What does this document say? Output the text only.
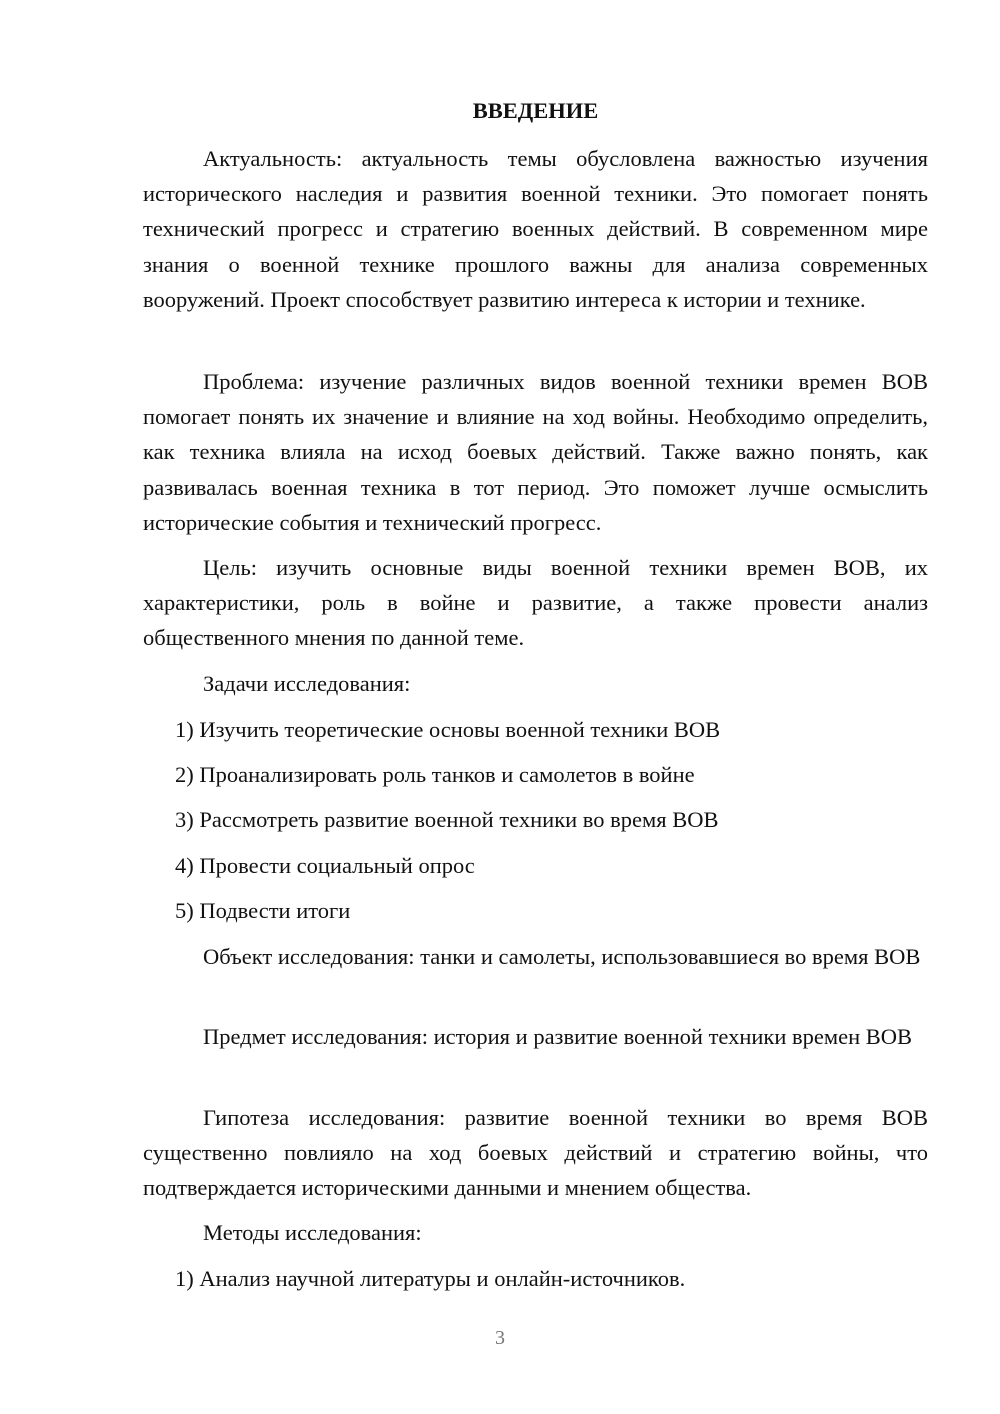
ВВЕДЕНИЕ

Актуальность: актуальность темы обусловлена важностью изучения исторического наследия и развития военной техники. Это помогает понять технический прогресс и стратегию военных действий. В современном мире знания о военной технике прошлого важны для анализа современных вооружений. Проект способствует развитию интереса к истории и технике.

Проблема: изучение различных видов военной техники времен ВОВ помогает понять их значение и влияние на ход войны. Необходимо определить, как техника влияла на исход боевых действий. Также важно понять, как развивалась военная техника в тот период. Это поможет лучше осмыслить исторические события и технический прогресс.

Цель: изучить основные виды военной техники времен ВОВ, их характеристики, роль в войне и развитие, а также провести анализ общественного мнения по данной теме.

Задачи исследования:

1) Изучить теоретические основы военной техники ВОВ
2) Проанализировать роль танков и самолетов в войне
3) Рассмотреть развитие военной техники во время ВОВ
4) Провести социальный опрос
5) Подвести итоги

Объект исследования: танки и самолеты, использовавшиеся во время ВОВ

Предмет исследования: история и развитие военной техники времен ВОВ

Гипотеза исследования: развитие военной техники во время ВОВ существенно повлияло на ход боевых действий и стратегию войны, что подтверждается историческими данными и мнением общества.

Методы исследования:

1) Анализ научной литературы и онлайн-источников.
3
